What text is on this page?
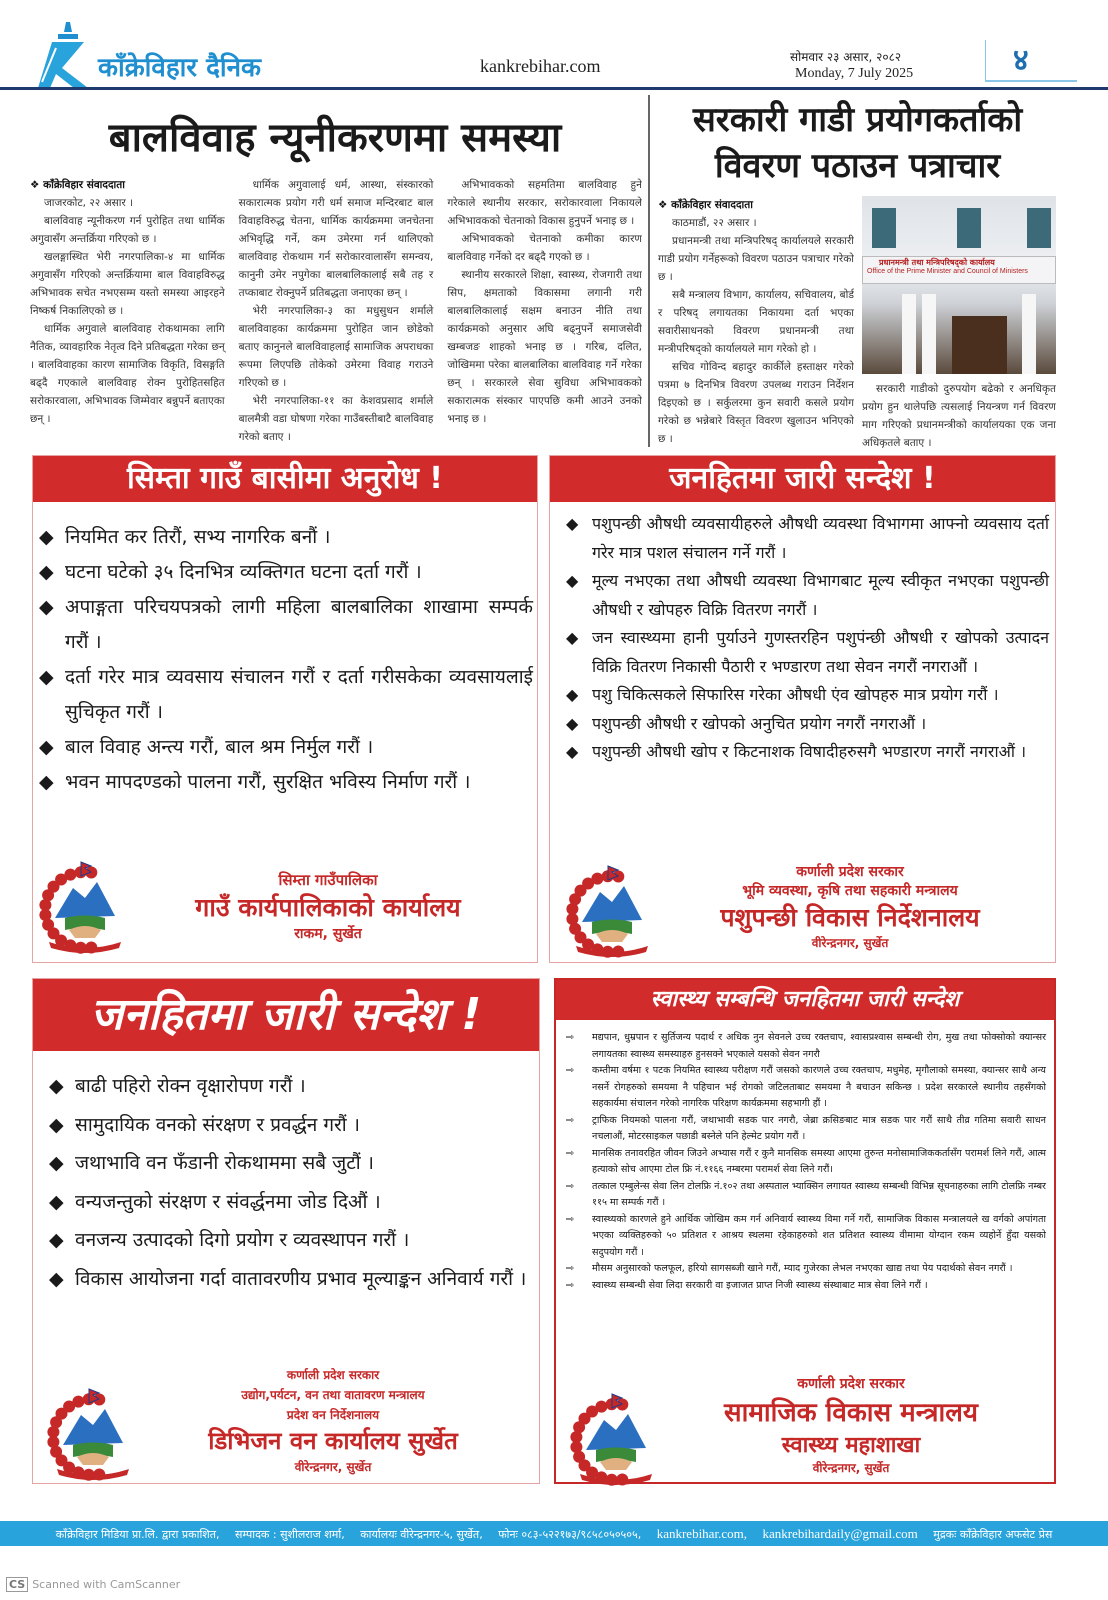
काँक्रेविहार दैनिक	kankrebihar.com	सोमवार २३ असार, २०८२
Monday, 7 July 2025	४
बालविवाह न्यूनीकरणमा समस्या

❖ काँक्रेविहार संवाददाता

जाजरकोट, २२ असार ।

बालविवाह न्यूनीकरण गर्न पुरोहित तथा धार्मिक अगुवासँग अन्तर्क्रिया गरिएको छ ।

खलङ्गास्थित भेरी नगरपालिका-४ मा धार्मिक अगुवासँग गरिएको अन्तर्क्रियामा बाल विवाहविरुद्ध अभिभावक सचेत नभएसम्म यस्तो समस्या आइरहने निष्कर्ष निकालिएको छ ।

धार्मिक अगुवाले बालविवाह रोकथामका लागि नैतिक, व्यावहारिक नेतृत्व दिने प्रतिबद्धता गरेका छन् । बालविवाहका कारण सामाजिक विकृति, विसङ्गति बढ्दै गएकाले बालविवाह रोक्न पुरोहितसहित सरोकारवाला, अभिभावक जिम्मेवार बन्नुपर्ने बताएका छन् ।

धार्मिक अगुवालाई धर्म, आस्था, संस्कारको सकारात्मक प्रयोग गरी धर्म समाज मन्दिरबाट बाल विवाहविरुद्ध चेतना, धार्मिक कार्यक्रममा जनचेतना अभिवृद्धि गर्ने, कम उमेरमा गर्न थालिएको बालविवाह रोकथाम गर्न सरोकारवालासँग समन्वय, कानुनी उमेर नपुगेका बालबालिकालाई सबै तह र तप्काबाट रोक्नुपर्ने प्रतिबद्धता जनाएका छन् ।

भेरी नगरपालिका-३ का मधुसुधन शर्माले बालविवाहका कार्यक्रममा पुरोहित जान छोडेको बताए कानुनले बालविवाहलाई सामाजिक अपराधका रूपमा लिएपछि तोकेको उमेरमा विवाह गराउने गरिएको छ ।

भेरी नगरपालिका-११ का केशवप्रसाद शर्माले बालमैत्री वडा घोषणा गरेका गाउँबस्तीबाटै बालविवाह गरेको बताए ।

अभिभावकको सहमतिमा बालविवाह हुने गरेकाले स्थानीय सरकार, सरोकारवाला निकायले अभिभावकको चेतनाको विकास हुनुपर्ने भनाइ छ ।

अभिभावकको चेतनाको कमीका कारण बालविवाह गर्नेको दर बढ्दै गएको छ ।

स्थानीय सरकारले शिक्षा, स्वास्थ्य, रोजगारी तथा सिप, क्षमताको विकासमा लगानी गरी बालबालिकालाई सक्षम बनाउन नीति तथा कार्यक्रमको अनुसार अघि बढ्नुपर्ने समाजसेवी खम्बजङ शाहको भनाइ छ । गरिब, दलित, जोखिममा परेका बालबालिका बालविवाह गर्ने गरेका छन् । सरकारले सेवा सुविधा अभिभावकको सकारात्मक संस्कार पाएपछि कमी आउने उनको भनाइ छ ।

सरकारी गाडी प्रयोगकर्ताको
विवरण पठाउन पत्राचार

❖ काँक्रेविहार संवाददाता

काठमाडौं, २२ असार ।

प्रधानमन्त्री तथा मन्त्रिपरिषद् कार्यालयले सरकारी गाडी प्रयोग गर्नेहरूको विवरण पठाउन पत्राचार गरेको छ ।

सबै मन्त्रालय विभाग, कार्यालय, सचिवालय, बोर्ड र परिषद् लगायतका निकायमा दर्ता भएका सवारीसाधनको विवरण प्रधानमन्त्री तथा मन्त्रीपरिषद्को कार्यालयले माग गरेको हो ।

सचिव गोविन्द बहादुर कार्कीले हस्ताक्षर गरेको पत्रमा ७ दिनभित्र विवरण उपलब्ध गराउन निर्देशन दिइएको छ । सर्कुलरमा कुन सवारी कसले प्रयोग गरेको छ भन्नेबारे विस्तृत विवरण खुलाउन भनिएको छ ।

प्रधानमन्त्री तथा मन्त्रिपरिषद्को कार्यालय
Office of the Prime Minister and Council of Ministers
सरकारी गाडीको दुरुपयोग बढेको र अनधिकृत प्रयोग हुन थालेपछि त्यसलाई नियन्त्रण गर्न विवरण माग गरिएको प्रधानमन्त्रीको कार्यालयका एक जना अधिकृतले बताए ।
सिम्ता गाउँ बासीमा अनुरोध !
◆ नियमित कर तिरौं, सभ्य नागरिक बनौं ।
◆ घटना घटेको ३५ दिनभित्र व्यक्तिगत घटना दर्ता गरौं ।
◆ अपाङ्गता परिचयपत्रको लागी महिला बालबालिका शाखामा सम्पर्क गरौं ।
◆ दर्ता गरेर मात्र व्यवसाय संचालन गरौं र दर्ता गरीसकेका व्यवसायलाई सुचिकृत गरौं ।
◆ बाल विवाह अन्त्य गरौं, बाल श्रम निर्मुल गरौं ।
◆ भवन मापदण्डको पालना गरौं, सुरक्षित भविस्य निर्माण गरौं ।
सिम्ता गाउँपालिका
गाउँ कार्यपालिकाको कार्यालय
राकम, सुर्खेत
जनहितमा जारी सन्देश !
◆ पशुपन्छी औषधी व्यवसायीहरुले औषधी व्यवस्था विभागमा आफ्नो व्यवसाय दर्ता गरेर मात्र पशल संचालन गर्ने गरौं ।
◆ मूल्य नभएका तथा औषधी व्यवस्था विभागबाट मूल्य स्वीकृत नभएका पशुपन्छी औषधी र खोपहरु विक्रि वितरण नगरौं ।
◆ जन स्वास्थ्यमा हानी पुर्याउने गुणस्तरहिन पशुपंन्छी औषधी र खोपको उत्पादन विक्रि वितरण निकासी पैठारी र भण्डारण तथा सेवन नगरौं नगराऔं ।
◆ पशु चिकित्सकले सिफारिस गरेका औषधी एंव खोपहरु मात्र प्रयोग गरौं ।
◆ पशुपन्छी औषधी र खोपको अनुचित प्रयोग नगरौं नगराऔं ।
◆ पशुपन्छी औषधी खोप र किटनाशक विषादीहरुसगै भण्डारण नगरौं नगराऔं ।
कर्णाली प्रदेश सरकार
भूमि व्यवस्था, कृषि तथा सहकारी मन्त्रालय
पशुपन्छी विकास निर्देशनालय
वीरेन्द्रनगर, सुर्खेत
जनहितमा जारी सन्देश !
◆ बाढी पहिरो रोक्न वृक्षारोपण गरौं ।
◆ सामुदायिक वनको संरक्षण र प्रवर्द्धन गरौं ।
◆ जथाभावि वन फँडानी रोकथाममा सबै जुटौं ।
◆ वन्यजन्तुको संरक्षण र संवर्द्धनमा जोड दिऔं ।
◆ वनजन्य उत्पादको दिगो प्रयोग र व्यवस्थापन गरौं ।
◆ विकास आयोजना गर्दा वातावरणीय प्रभाव मूल्याङ्कन अनिवार्य गरौं ।
कर्णाली प्रदेश सरकार
उद्योग,पर्यटन, वन तथा वातावरण मन्त्रालय
प्रदेश वन निर्देशनालय
डिभिजन वन कार्यालय सुर्खेत
वीरेन्द्रनगर, सुर्खेत
स्वास्थ्य सम्बन्धि जनहितमा जारी सन्देश
⇨ मद्यपान, धुम्रपान र सुर्तिजन्य पदार्थ र अधिक नुन सेवनले उच्च रक्तचाप, श्वासप्रश्वास सम्बन्धी रोग, मुख तथा फोक्सोको क्यान्सर लगायतका स्वास्थ्य समस्याहरु हुनसक्ने भएकाले यसको सेवन नगरौ
⇨ कम्तीमा वर्षमा १ पटक नियमित स्वास्थ्य परीक्षण गरौं जसको कारणले उच्च रक्तचाप, मधुमेह, मृगौलाको समस्या, क्यान्सर साथै अन्य नसर्ने रोगहरुको समयमा नै पहिचान भई रोगको जटिलताबाट समयमा नै बचाउन सकिन्छ । प्रदेश सरकारले स्थानीय तहसँगको सहकार्यमा संचालन गरेको नागरिक परिक्षण कार्यक्रममा सहभागी हौं ।
⇨ ट्राफिक नियमको पालना गरौं, जथाभावी सडक पार नगरौ, जेब्रा क्रसिङबाट मात्र सडक पार गरौं साथै तीव्र गतिमा सवारी साधन नचलाऔं, मोटरसाइकल पछाडी बस्नेले पनि हेल्मेट प्रयोग गरौं ।
⇨ मानसिक तनावरहित जीवन जिउने अभ्यास गरौं र कुनै मानसिक समस्या आएमा तुरुन्त मनोसामाजिककर्तासँग परामर्श लिने गरौं, आत्म हत्याको सोच आएमा टोल फ्रि नं.११६६ नम्बरमा परामर्श सेवा लिने गरौं।
⇨ तत्काल एम्बुलेन्स सेवा लिन टोलफ्रि नं.१०२ तथा अस्पताल भ्याक्सिन लगायत स्वास्थ्य सम्बन्धी विभिन्न सूचनाहरुका लागि टोलफ्रि नम्बर ११५ मा सम्पर्क गरौं ।
⇨ स्वास्थ्यको कारणले हुने आर्थिक जोखिम कम गर्न अनिवार्य स्वास्थ्य विमा गर्ने गरौं, सामाजिक विकास मन्त्रालयले ख वर्गको अपांगता भएका व्यक्तिहरुको ५० प्रतिशत र आश्रय स्थलमा रहेकाहरुको शत प्रतिशत स्वास्थ्य वीमामा योग्दान रकम व्यहोर्ने हुँदा यसको सदुपयोग गरौं ।
⇨ मौसम अनुसारको फलफूल, हरियो सागसब्जी खाने गरौं, म्याद गुजेरका लेभल नभएका खाद्य तथा पेय पदार्थको सेवन नगरौं ।
⇨ स्वास्थ्य सम्बन्धी सेवा लिदा सरकारी वा इजाजत प्राप्त निजी स्वास्थ्य संस्थाबाट मात्र सेवा लिने गरौं ।
कर्णाली प्रदेश सरकार
सामाजिक विकास मन्त्रालय
स्वास्थ्य महाशाखा
वीरेन्द्रनगर, सुर्खेत
काँक्रेविहार मिडिया प्रा.लि. द्वारा प्रकाशित, सम्पादक : सुशीलराज शर्मा, कार्यालयः वीरेन्द्रनगर-५, सुर्खेत, फोनः ०८३-५२२१७३/९८५८०५०५०५, kankrebihar.com, kankrebihardaily@gmail.com मुद्रकः काँक्रेविहार अफसेट प्रेस
CS Scanned with CamScanner
